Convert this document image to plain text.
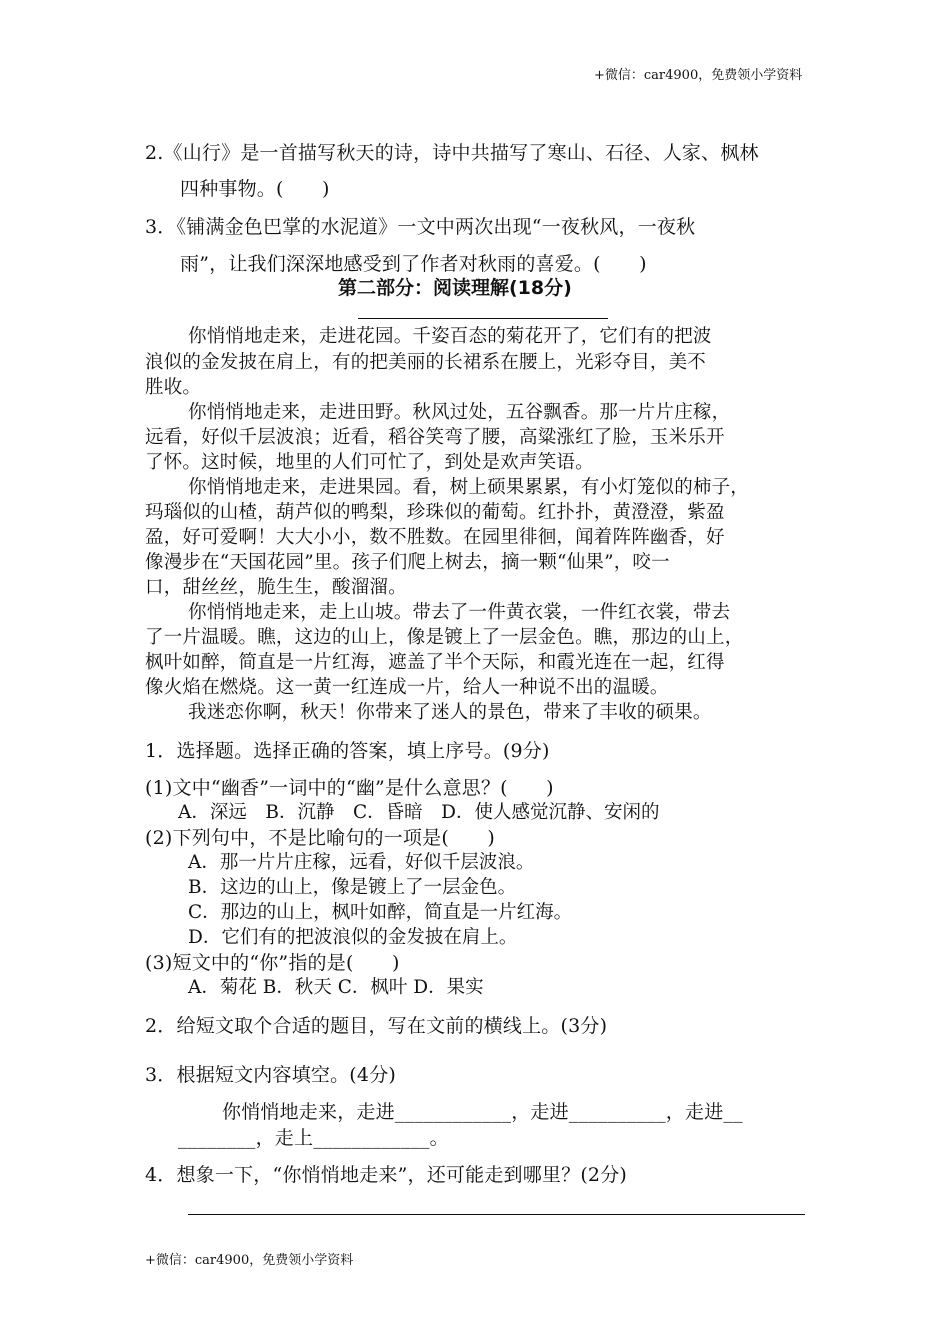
+微信：car4900，免费领小学资料
2.《山行》是一首描写秋天的诗，诗中共描写了寒山、石径、人家、枫林
四种事物。(　　)
3．《铺满金色巴掌的水泥道》一文中两次出现“一夜秋风，一夜秋
雨”，让我们深深地感受到了作者对秋雨的喜爱。(　　)
第二部分：阅读理解(18分)
你悄悄地走来，走进花园。千姿百态的菊花开了，它们有的把波
浪似的金发披在肩上，有的把美丽的长裙系在腰上，光彩夺目，美不
胜收。
你悄悄地走来，走进田野。秋风过处，五谷飘香。那一片片庄稼，
远看，好似千层波浪；近看，稻谷笑弯了腰，高粱涨红了脸，玉米乐开
了怀。这时候，地里的人们可忙了，到处是欢声笑语。
你悄悄地走来，走进果园。看，树上硕果累累，有小灯笼似的柿子，
玛瑙似的山楂，葫芦似的鸭梨，珍珠似的葡萄。红扑扑，黄澄澄，紫盈
盈，好可爱啊！大大小小，数不胜数。在园里徘徊，闻着阵阵幽香，好
像漫步在“天国花园”里。孩子们爬上树去，摘一颗“仙果”，咬一
口，甜丝丝，脆生生，酸溜溜。
你悄悄地走来，走上山坡。带去了一件黄衣裳，一件红衣裳，带去
了一片温暖。瞧，这边的山上，像是镀上了一层金色。瞧，那边的山上，
枫叶如醉，简直是一片红海，遮盖了半个天际，和霞光连在一起，红得
像火焰在燃烧。这一黄一红连成一片，给人一种说不出的温暖。
我迷恋你啊，秋天！你带来了迷人的景色，带来了丰收的硕果。
1．选择题。选择正确的答案，填上序号。(9分)
(1)文中“幽香”一词中的“幽”是什么意思？(　　)
A．深远　B．沉静　C．昏暗　D．使人感觉沉静、安闲的
(2)下列句中，不是比喻句的一项是(　　)
A．那一片片庄稼，远看，好似千层波浪。
B．这边的山上，像是镀上了一层金色。
C．那边的山上，枫叶如醉，简直是一片红海。
D．它们有的把波浪似的金发披在肩上。
(3)短文中的“你”指的是(　　)
A．菊花 B．秋天 C．枫叶 D．果实
2．给短文取个合适的题目，写在文前的横线上。(3分)
3．根据短文内容填空。(4分)
你悄悄地走来，走进____________，走进__________，走进__
________，走上____________。
4．想象一下，“你悄悄地走来”，还可能走到哪里？(2分)
+微信：car4900，免费领小学资料
